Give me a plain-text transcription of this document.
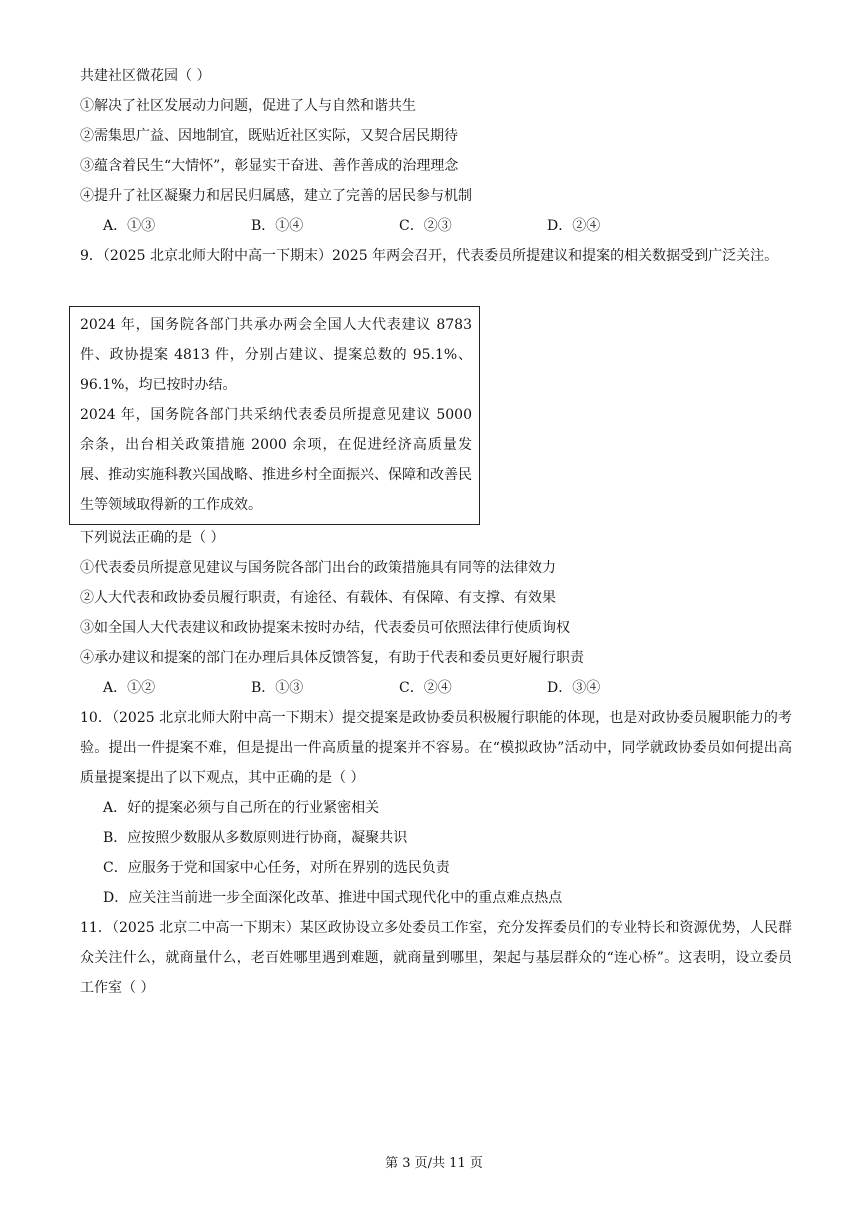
共建社区微花园（ ）
①解决了社区发展动力问题，促进了人与自然和谐共生
②需集思广益、因地制宜，既贴近社区实际，又契合居民期待
③蕴含着民生“大情怀”，彰显实干奋进、善作善成的治理理念
④提升了社区凝聚力和居民归属感，建立了完善的居民参与机制
A．①③	B．①④	C．②③	D．②④
9．（2025 北京北师大附中高一下期末）2025 年两会召开，代表委员所提建议和提案的相关数据受到广泛关注。

2024 年，国务院各部门共承办两会全国人大代表建议 8783 件、政协提案 4813 件，分别占建议、提案总数的 95.1%、96.1%，均已按时办结。

2024 年，国务院各部门共采纳代表委员所提意见建议 5000 余条，出台相关政策措施 2000 余项，在促进经济高质量发展、推动实施科教兴国战略、推进乡村全面振兴、保障和改善民生等领域取得新的工作成效。

下列说法正确的是（ ）
①代表委员所提意见建议与国务院各部门出台的政策措施具有同等的法律效力
②人大代表和政协委员履行职责，有途径、有载体、有保障、有支撑、有效果
③如全国人大代表建议和政协提案未按时办结，代表委员可依照法律行使质询权
④承办建议和提案的部门在办理后具体反馈答复，有助于代表和委员更好履行职责
A．①②	B．①③	C．②④	D．③④
10．（2025 北京北师大附中高一下期末）提交提案是政协委员积极履行职能的体现，也是对政协委员履职能力的考验。提出一件提案不难，但是提出一件高质量的提案并不容易。在“模拟政协”活动中，同学就政协委员如何提出高质量提案提出了以下观点，其中正确的是（ ）
A．好的提案必须与自己所在的行业紧密相关
B．应按照少数服从多数原则进行协商，凝聚共识
C．应服务于党和国家中心任务，对所在界别的选民负责
D．应关注当前进一步全面深化改革、推进中国式现代化中的重点难点热点
11．（2025 北京二中高一下期末）某区政协设立多处委员工作室，充分发挥委员们的专业特长和资源优势，人民群众关注什么，就商量什么，老百姓哪里遇到难题，就商量到哪里，架起与基层群众的“连心桥”。这表明，设立委员工作室（ ）
第 3 页/共 11 页
